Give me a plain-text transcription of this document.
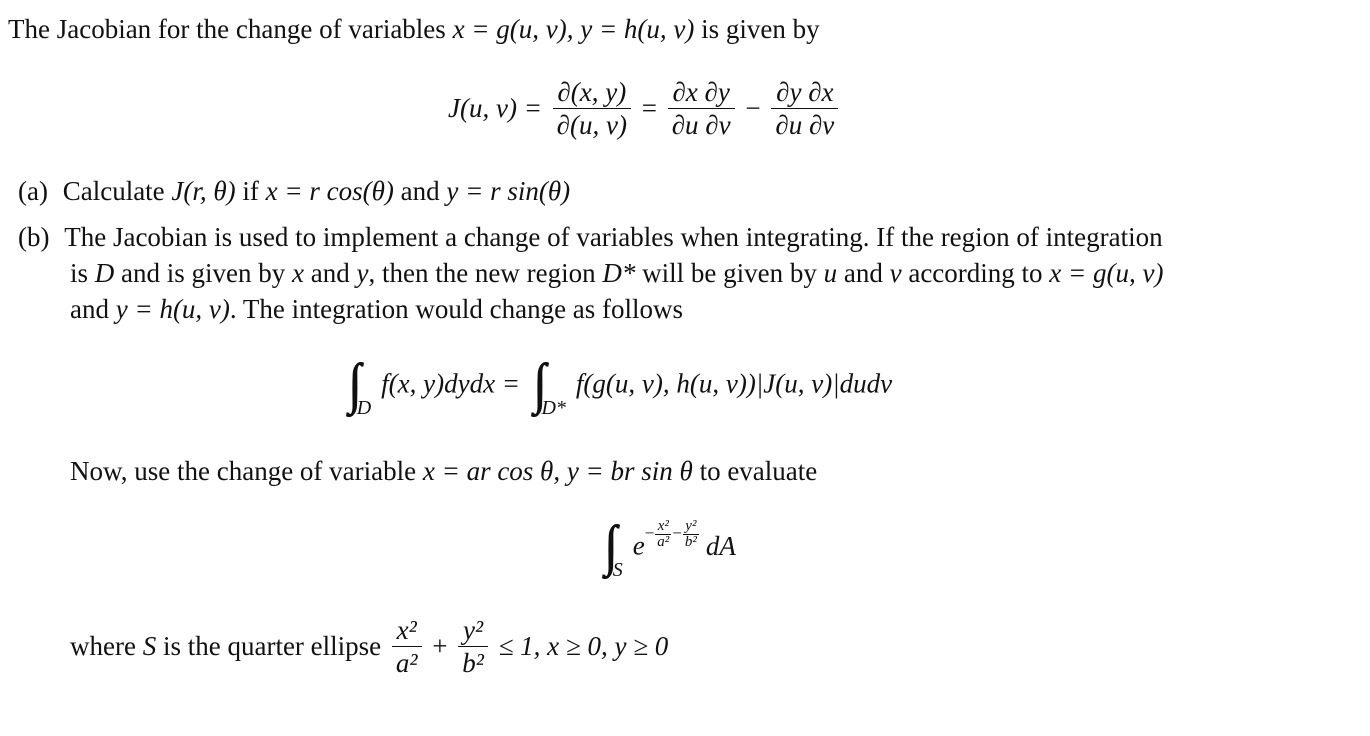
The Jacobian for the change of variables x = g(u, v), y = h(u, v) is given by
J(u, $v) = \frac{\partial(x, y)}{\partial(u, v)} = \frac{\partial x \partial y}{\partial u \partial v} - \frac{\partial y \partial x}{\partial u \partial v}$
(a) Calculate J(r, θ) if x = r cos(θ) and y = r sin(θ)
(b) The Jacobian is used to implement a change of variables when integrating. If the region of integration
is D and is given by x and y, then the new region D* will be given by u and v according to x = g(u, v)
and y = h(u, v). The integration would change as follows
∫∫ Df(x, y)dydx = ∫∫ D*f(g(u, v), h(u, v))|J(u, v)|dudv
Now, use the change of variable x = ar cos θ, y = br sin θ to evaluate
∫∫ $Se- \frac{\text{x²}}{\text{a²}} - \frac{\text{y²}}{\text{b²}}$ dA
where S is the quarter ellipse $\frac{\text{x²}}{\text{a²}} + \frac{\text{y²}}{\text{b²}} \le 1$, x ≥ 0, y ≥ 0
